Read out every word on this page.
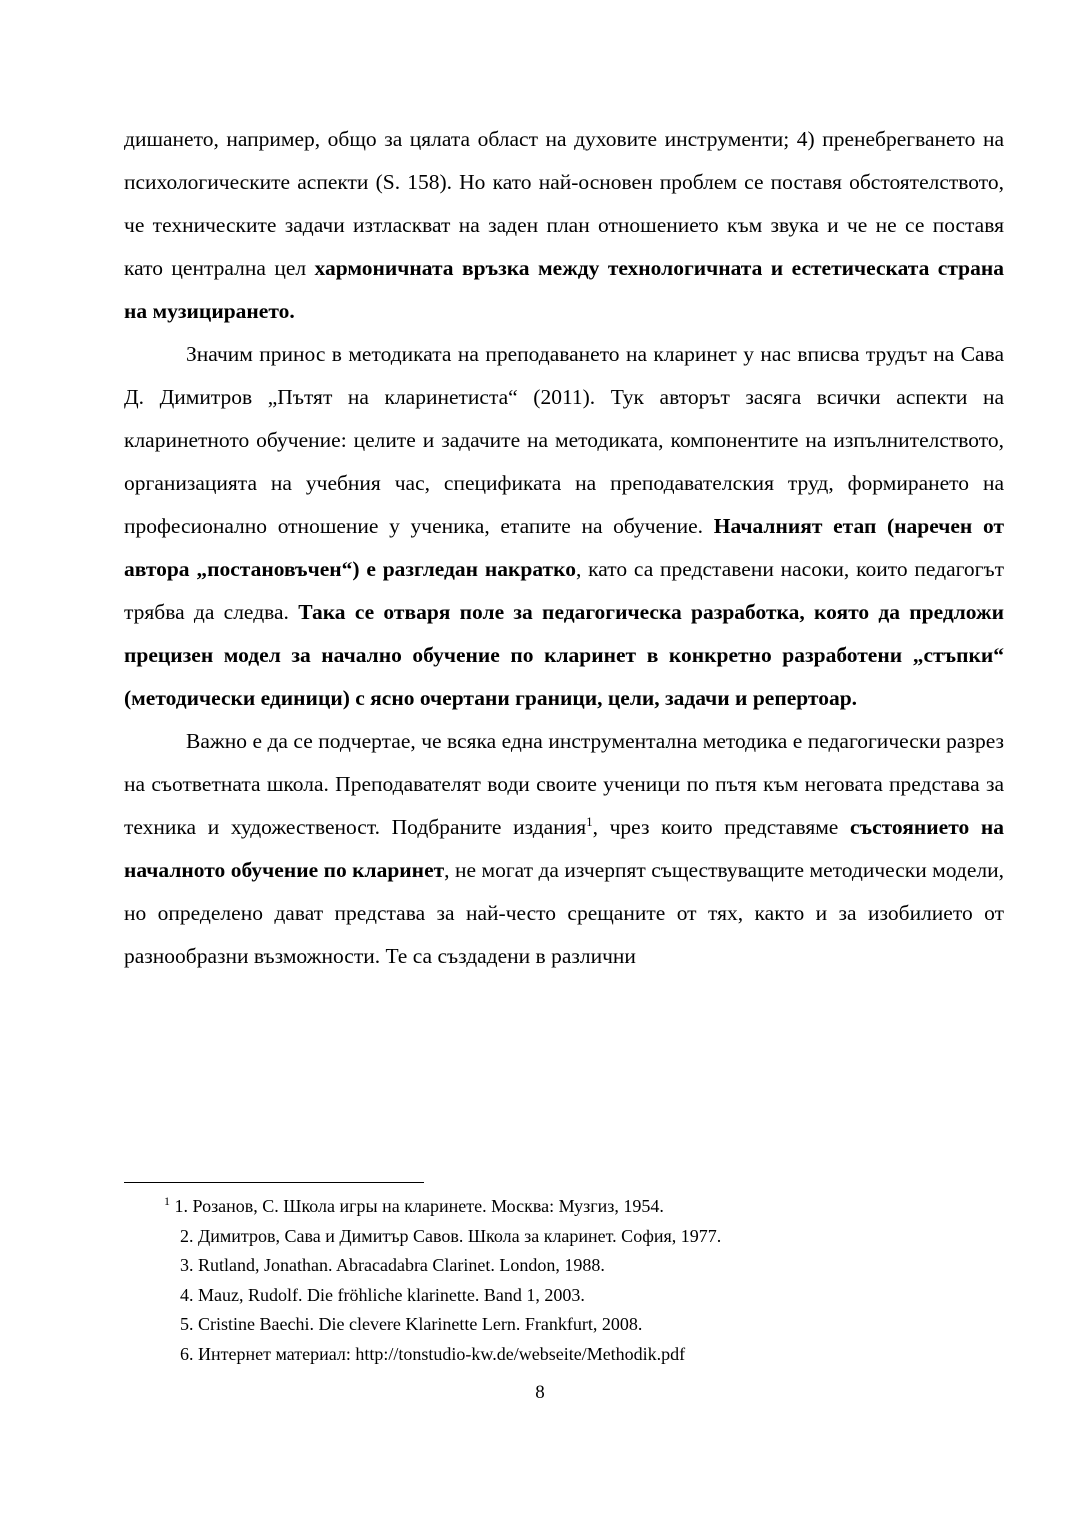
дишането, например, общо за цялата област на духовите инструменти; 4) пренебрегването на психологическите аспекти (S. 158). Но като най-основен проблем се поставя обстоятелството, че техническите задачи изтласкват на заден план отношението към звука и че не се поставя като централна цел хармоничната връзка между технологичната и естетическата страна на музицирането.

Значим принос в методиката на преподаването на кларинет у нас вписва трудът на Сава Д. Димитров „Пътят на кларинетиста“ (2011). Тук авторът засяга всички аспекти на кларинетното обучение: целите и задачите на методиката, компонентите на изпълнителството, организацията на учебния час, спецификата на преподавателския труд, формирането на професионално отношение у ученика, етапите на обучение. Началният етап (наречен от автора „постановъчен“) е разгледан накратко, като са представени насоки, които педагогът трябва да следва. Така се отваря поле за педагогическа разработка, която да предложи прецизен модел за начално обучение по кларинет в конкретно разработени „стъпки“ (методически единици) с ясно очертани граници, цели, задачи и репертоар.

Важно е да се подчертае, че всяка една инструментална методика е педагогически разрез на съответната школа. Преподавателят води своите ученици по пътя към неговата представа за техника и художественост. Подбраните издания$^1$, чрез които представяме състоянието на началното обучение по кларинет, не могат да изчерпят съществуващите методически модели, но определено дават представа за най-често срещаните от тях, както и за изобилието от разнообразни възможности. Те са създадени в различни

$^1$ 1. Розанов, С. Школа игры на кларинете. Москва: Музгиз, 1954.
2. Димитров, Сава и Димитър Савов. Школа за кларинет. София, 1977.
3. Rutland, Jonathan. Abracadabra Clarinet. London, 1988.
4. Mauz, Rudolf. Die fröhliche klarinette. Band 1, 2003.
5. Cristine Baechi. Die clevere Klarinette Lern. Frankfurt, 2008.
6. Интернет материал: http://tonstudio-kw.de/webseite/Methodik.pdf
8
